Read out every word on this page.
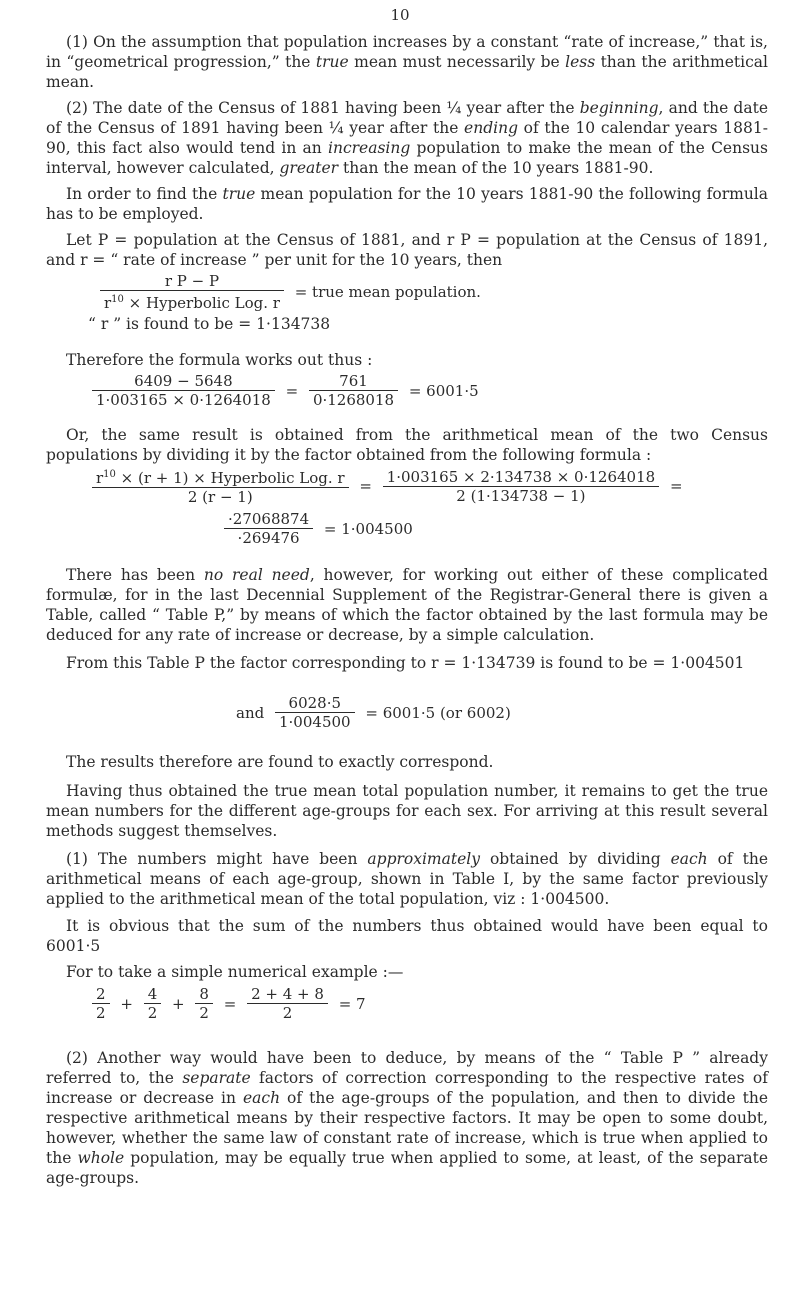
10

(1) On the assumption that population increases by a constant “rate of increase,” that is, in “geometrical progression,” the true mean must necessarily be less than the arithmetical mean.

(2) The date of the Census of 1881 having been ¼ year after the beginning, and the date of the Census of 1891 having been ¼ year after the ending of the 10 calendar years 1881-90, this fact also would tend in an increasing population to make the mean of the Census interval, however calculated, greater than the mean of the 10 years 1881-90.

In order to find the true mean population for the 10 years 1881-90 the following formula has to be employed.

Let P = population at the Census of 1881, and r P = population at the Census of 1891, and r = “ rate of increase ” per unit for the 10 years, then

$\frac{\text{r P − P}}{r^{10} \times Hyperbolic Log. r}$ = true mean population.
“ r ” is found to be = 1·134738
Therefore the formula works out thus :
$\frac{6409 - 5648}{1\cdot 003165 \times 0\cdot 1264018} = \frac{761}{0\cdot 1268018} = 6001\cdot 5$

Or, the same result is obtained from the arithmetical mean of the two Census populations by dividing it by the factor obtained from the following formula :

$\frac{r^{10} \times (r + 1) \times Hyperbolic Log. r}{2 (r - 1)} = \frac{1\cdot 003165 \times 2\cdot 134738 \times 0\cdot 1264018}{2 (1\cdot 134738 - 1)}$ =
$\frac{\cdot 27068874}{\cdot 269476} = 1\cdot 004500$

There has been no real need, however, for working out either of these complicated formulæ, for in the last Decennial Supplement of the Registrar-General there is given a Table, called “ Table P,” by means of which the factor obtained by the last formula may be deduced for any rate of increase or decrease, by a simple calculation.

From this Table P the factor corresponding to r = 1·134739 is found to be = 1·004501

and $\frac{6028\cdot 5}{1\cdot 004500} = 6001\cdot 5$ (or 6002)
The results therefore are found to exactly correspond.

Having thus obtained the true mean total population number, it remains to get the true mean numbers for the different age-groups for each sex. For arriving at this result several methods suggest themselves.

(1) The numbers might have been approximately obtained by dividing each of the arithmetical means of each age-group, shown in Table I, by the same factor previously applied to the arithmetical mean of the total population, viz : 1·004500.

It is obvious that the sum of the numbers thus obtained would have been equal to 6001·5

For to take a simple numerical example :—
$\frac{2}{2} + \frac{4}{2} + \frac{8}{2} = \frac{2 + 4 + 8}{2} = 7$

(2) Another way would have been to deduce, by means of the “ Table P ” already referred to, the separate factors of correction corresponding to the respective rates of increase or decrease in each of the age-groups of the population, and then to divide the respective arithmetical means by their respective factors. It may be open to some doubt, however, whether the same law of constant rate of increase, which is true when applied to the whole population, may be equally true when applied to some, at least, of the separate age-groups.
